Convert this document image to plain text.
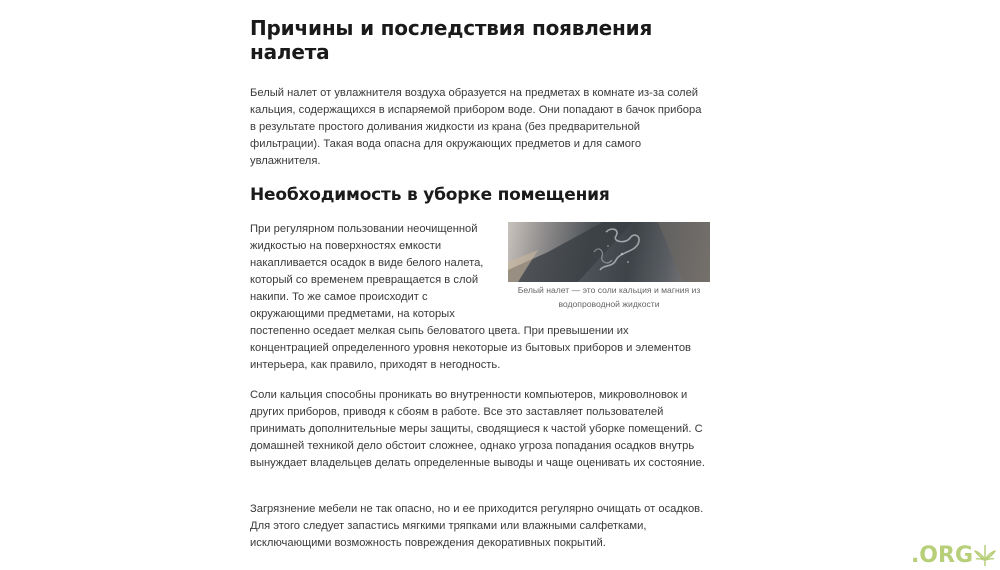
Причины и последствия появления налета

Белый налет от увлажнителя воздуха образуется на предметах в комнате из-за солей кальция, содержащихся в испаряемой прибором воде. Они попадают в бачок прибора в результате простого доливания жидкости из крана (без предварительной фильтрации). Такая вода опасна для окружающих предметов и для самого увлажнителя.

Необходимость в уборке помещения
Белый налет — это соли кальция и магния из водопроводной жидкости

При регулярном пользовании неочищенной жидкостью на поверхностях емкости накапливается осадок в виде белого налета, который со временем превращается в слой накипи. То же самое происходит с окружающими предметами, на которых постепенно оседает мелкая сыпь беловатого цвета. При превышении их концентрацией определенного уровня некоторые из бытовых приборов и элементов интерьера, как правило, приходят в негодность.

Соли кальция способны проникать во внутренности компьютеров, микроволновок и других приборов, приводя к сбоям в работе. Все это заставляет пользователей принимать дополнительные меры защиты, сводящиеся к частой уборке помещений. С домашней техникой дело обстоит сложнее, однако угроза попадания осадков внутрь вынуждает владельцев делать определенные выводы и чаще оценивать их состояние.

Загрязнение мебели не так опасно, но и ее приходится регулярно очищать от осадков. Для этого следует запастись мягкими тряпками или влажными салфетками, исключающими возможность повреждения декоративных покрытий.	.ORG
